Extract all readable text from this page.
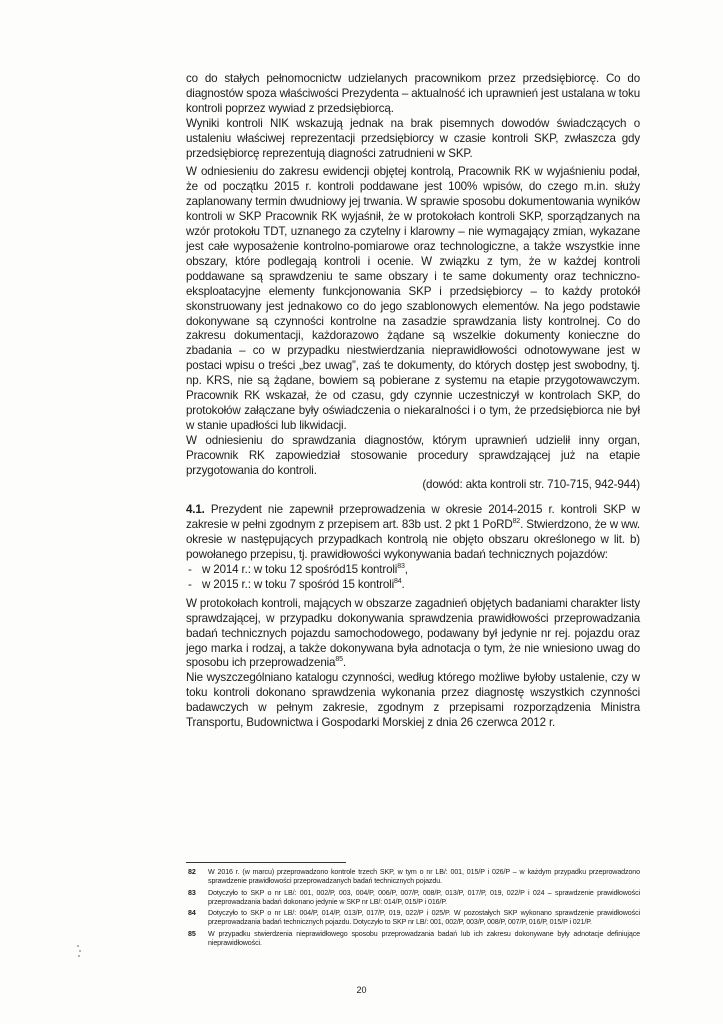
co do stałych pełnomocnictw udzielanych pracownikom przez przedsiębiorcę. Co do diagnostów spoza właściwości Prezydenta – aktualność ich uprawnień jest ustalana w toku kontroli poprzez wywiad z przedsiębiorcą.

Wyniki kontroli NIK wskazują jednak na brak pisemnych dowodów świadczących o ustaleniu właściwej reprezentacji przedsiębiorcy w czasie kontroli SKP, zwłaszcza gdy przedsiębiorcę reprezentują diagności zatrudnieni w SKP.

W odniesieniu do zakresu ewidencji objętej kontrolą, Pracownik RK w wyjaśnieniu podał, że od początku 2015 r. kontroli poddawane jest 100% wpisów, do czego m.in. służy zaplanowany termin dwudniowy jej trwania. W sprawie sposobu dokumentowania wyników kontroli w SKP Pracownik RK wyjaśnił, że w protokołach kontroli SKP, sporządzanych na wzór protokołu TDT, uznanego za czytelny i klarowny – nie wymagający zmian, wykazane jest całe wyposażenie kontrolno-pomiarowe oraz technologiczne, a także wszystkie inne obszary, które podlegają kontroli i ocenie. W związku z tym, że w każdej kontroli poddawane są sprawdzeniu te same obszary i te same dokumenty oraz techniczno-eksploatacyjne elementy funkcjonowania SKP i przedsiębiorcy – to każdy protokół skonstruowany jest jednakowo co do jego szablonowych elementów. Na jego podstawie dokonywane są czynności kontrolne na zasadzie sprawdzania listy kontrolnej. Co do zakresu dokumentacji, każdorazowo żądane są wszelkie dokumenty konieczne do zbadania – co w przypadku niestwierdzania nieprawidłowości odnotowywane jest w postaci wpisu o treści „bez uwag”, zaś te dokumenty, do których dostęp jest swobodny, tj. np. KRS, nie są żądane, bowiem są pobierane z systemu na etapie przygotowawczym. Pracownik RK wskazał, że od czasu, gdy czynnie uczestniczył w kontrolach SKP, do protokołów załączane były oświadczenia o niekaralności i o tym, że przedsiębiorca nie był w stanie upadłości lub likwidacji.

W odniesieniu do sprawdzania diagnostów, którym uprawnień udzielił inny organ, Pracownik RK zapowiedział stosowanie procedury sprawdzającej już na etapie przygotowania do kontroli.

(dowód: akta kontroli str. 710-715, 942-944)

4.1. Prezydent nie zapewnił przeprowadzenia w okresie 2014-2015 r. kontroli SKP w zakresie w pełni zgodnym z przepisem art. 83b ust. 2 pkt 1 PoRD$^{82}$. Stwierdzono, że w ww. okresie w następujących przypadkach kontrolą nie objęto obszaru określonego w lit. b) powołanego przepisu, tj. prawidłowości wykonywania badań technicznych pojazdów:

- w 2014 r.: w toku 12 spośród15 kontroli$^{83}$,
- w 2015 r.: w toku 7 spośród 15 kontroli$^{84}$.

W protokołach kontroli, mających w obszarze zagadnień objętych badaniami charakter listy sprawdzającej, w przypadku dokonywania sprawdzenia prawidłowości przeprowadzania badań technicznych pojazdu samochodowego, podawany był jedynie nr rej. pojazdu oraz jego marka i rodzaj, a także dokonywana była adnotacja o tym, że nie wniesiono uwag do sposobu ich przeprowadzenia$^{85}$.

Nie wyszczególniano katalogu czynności, według którego możliwe byłoby ustalenie, czy w toku kontroli dokonano sprawdzenia wykonania przez diagnostę wszystkich czynności badawczych w pełnym zakresie, zgodnym z przepisami rozporządzenia Ministra Transportu, Budownictwa i Gospodarki Morskiej z dnia 26 czerwca 2012 r.

82	W 2016 r. (w marcu) przeprowadzono kontrole trzech SKP, w tym o nr LB/: 001, 015/P i 026/P – w każdym przypadku przeprowadzono sprawdzenie prawidłowości przeprowadzanych badań technicznych pojazdu.
83	Dotyczyło to SKP o nr LB/: 001, 002/P, 003, 004/P, 006/P, 007/P, 008/P, 013/P, 017/P, 019, 022/P i 024 – sprawdzenie prawidłowości przeprowadzania badań dokonano jedynie w SKP nr LB/: 014/P, 015/P i 016/P.
84	Dotyczyło to SKP o nr LB/: 004/P, 014/P, 013/P, 017/P, 019, 022/P i 025/P. W pozostałych SKP wykonano sprawdzenie prawidłowości przeprowadzania badań technicznych pojazdu. Dotyczyło to SKP nr LB/: 001, 002/P, 003/P, 008/P, 007/P, 016/P, 015/P i 021/P.
85	W przypadku stwierdzenia nieprawidłowego sposobu przeprowadzania badań lub ich zakresu dokonywane były adnotacje definiujące nieprawidłowości.
20
